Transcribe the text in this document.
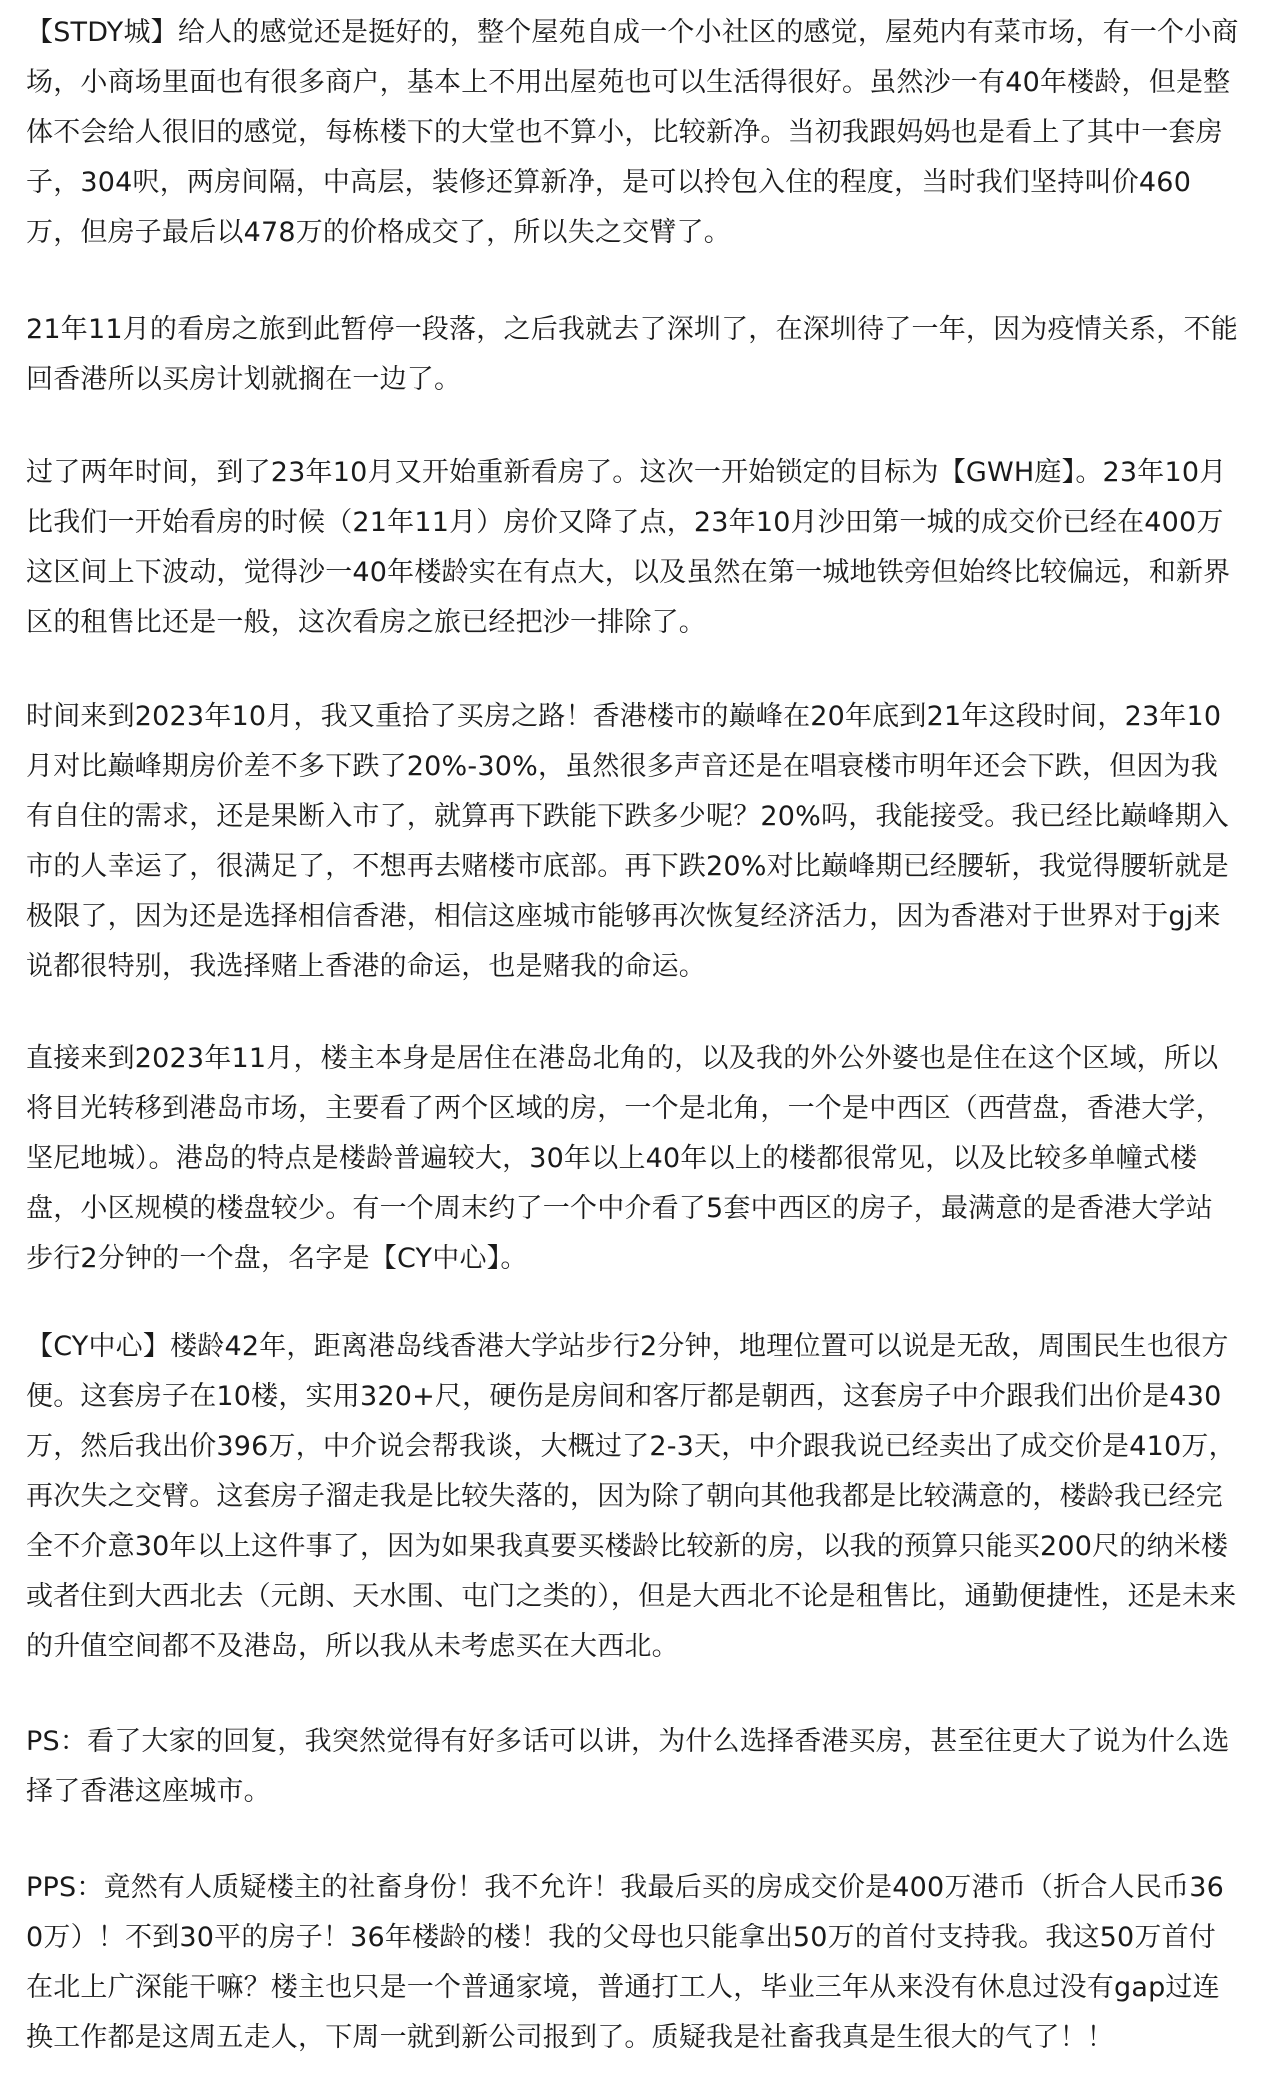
【STDY城】给人的感觉还是挺好的，整个屋苑自成一个小社区的感觉，屋苑内有菜市场，有一个小商场，小商场里面也有很多商户，基本上不用出屋苑也可以生活得很好。虽然沙一有40年楼龄，但是整体不会给人很旧的感觉，每栋楼下的大堂也不算小，比较新净。当初我跟妈妈也是看上了其中一套房子，304呎，两房间隔，中高层，装修还算新净，是可以拎包入住的程度，当时我们坚持叫价460万，但房子最后以478万的价格成交了，所以失之交臂了。

21年11月的看房之旅到此暂停一段落，之后我就去了深圳了，在深圳待了一年，因为疫情关系，不能回香港所以买房计划就搁在一边了。

过了两年时间，到了23年10月又开始重新看房了。这次一开始锁定的目标为【GWH庭】。23年10月比我们一开始看房的时候（21年11月）房价又降了点，23年10月沙田第一城的成交价已经在400万这区间上下波动，觉得沙一40年楼龄实在有点大，以及虽然在第一城地铁旁但始终比较偏远，和新界区的租售比还是一般，这次看房之旅已经把沙一排除了。

时间来到2023年10月，我又重拾了买房之路！香港楼市的巅峰在20年底到21年这段时间，23年10月对比巅峰期房价差不多下跌了20%-30%，虽然很多声音还是在唱衰楼市明年还会下跌，但因为我有自住的需求，还是果断入市了，就算再下跌能下跌多少呢？20%吗，我能接受。我已经比巅峰期入市的人幸运了，很满足了，不想再去赌楼市底部。再下跌20%对比巅峰期已经腰斩，我觉得腰斩就是极限了，因为还是选择相信香港，相信这座城市能够再次恢复经济活力，因为香港对于世界对于gj来说都很特别，我选择赌上香港的命运，也是赌我的命运。

直接来到2023年11月，楼主本身是居住在港岛北角的，以及我的外公外婆也是住在这个区域，所以将目光转移到港岛市场，主要看了两个区域的房，一个是北角，一个是中西区（西营盘，香港大学，坚尼地城）。港岛的特点是楼龄普遍较大，30年以上40年以上的楼都很常见，以及比较多单幢式楼盘，小区规模的楼盘较少。有一个周末约了一个中介看了5套中西区的房子，最满意的是香港大学站步行2分钟的一个盘，名字是【CY中心】。

【CY中心】楼龄42年，距离港岛线香港大学站步行2分钟，地理位置可以说是无敌，周围民生也很方便。这套房子在10楼，实用320+尺，硬伤是房间和客厅都是朝西，这套房子中介跟我们出价是430万，然后我出价396万，中介说会帮我谈，大概过了2-3天，中介跟我说已经卖出了成交价是410万，再次失之交臂。这套房子溜走我是比较失落的，因为除了朝向其他我都是比较满意的，楼龄我已经完全不介意30年以上这件事了，因为如果我真要买楼龄比较新的房，以我的预算只能买200尺的纳米楼或者住到大西北去（元朗、天水围、屯门之类的），但是大西北不论是租售比，通勤便捷性，还是未来的升值空间都不及港岛，所以我从未考虑买在大西北。

PS：看了大家的回复，我突然觉得有好多话可以讲，为什么选择香港买房，甚至往更大了说为什么选择了香港这座城市。

PPS：竟然有人质疑楼主的社畜身份！我不允许！我最后买的房成交价是400万港币（折合人民币360万）！不到30平的房子！36年楼龄的楼！我的父母也只能拿出50万的首付支持我。我这50万首付在北上广深能干嘛？楼主也只是一个普通家境，普通打工人，毕业三年从来没有休息过没有gap过连换工作都是这周五走人，下周一就到新公司报到了。质疑我是社畜我真是生很大的气了！！
